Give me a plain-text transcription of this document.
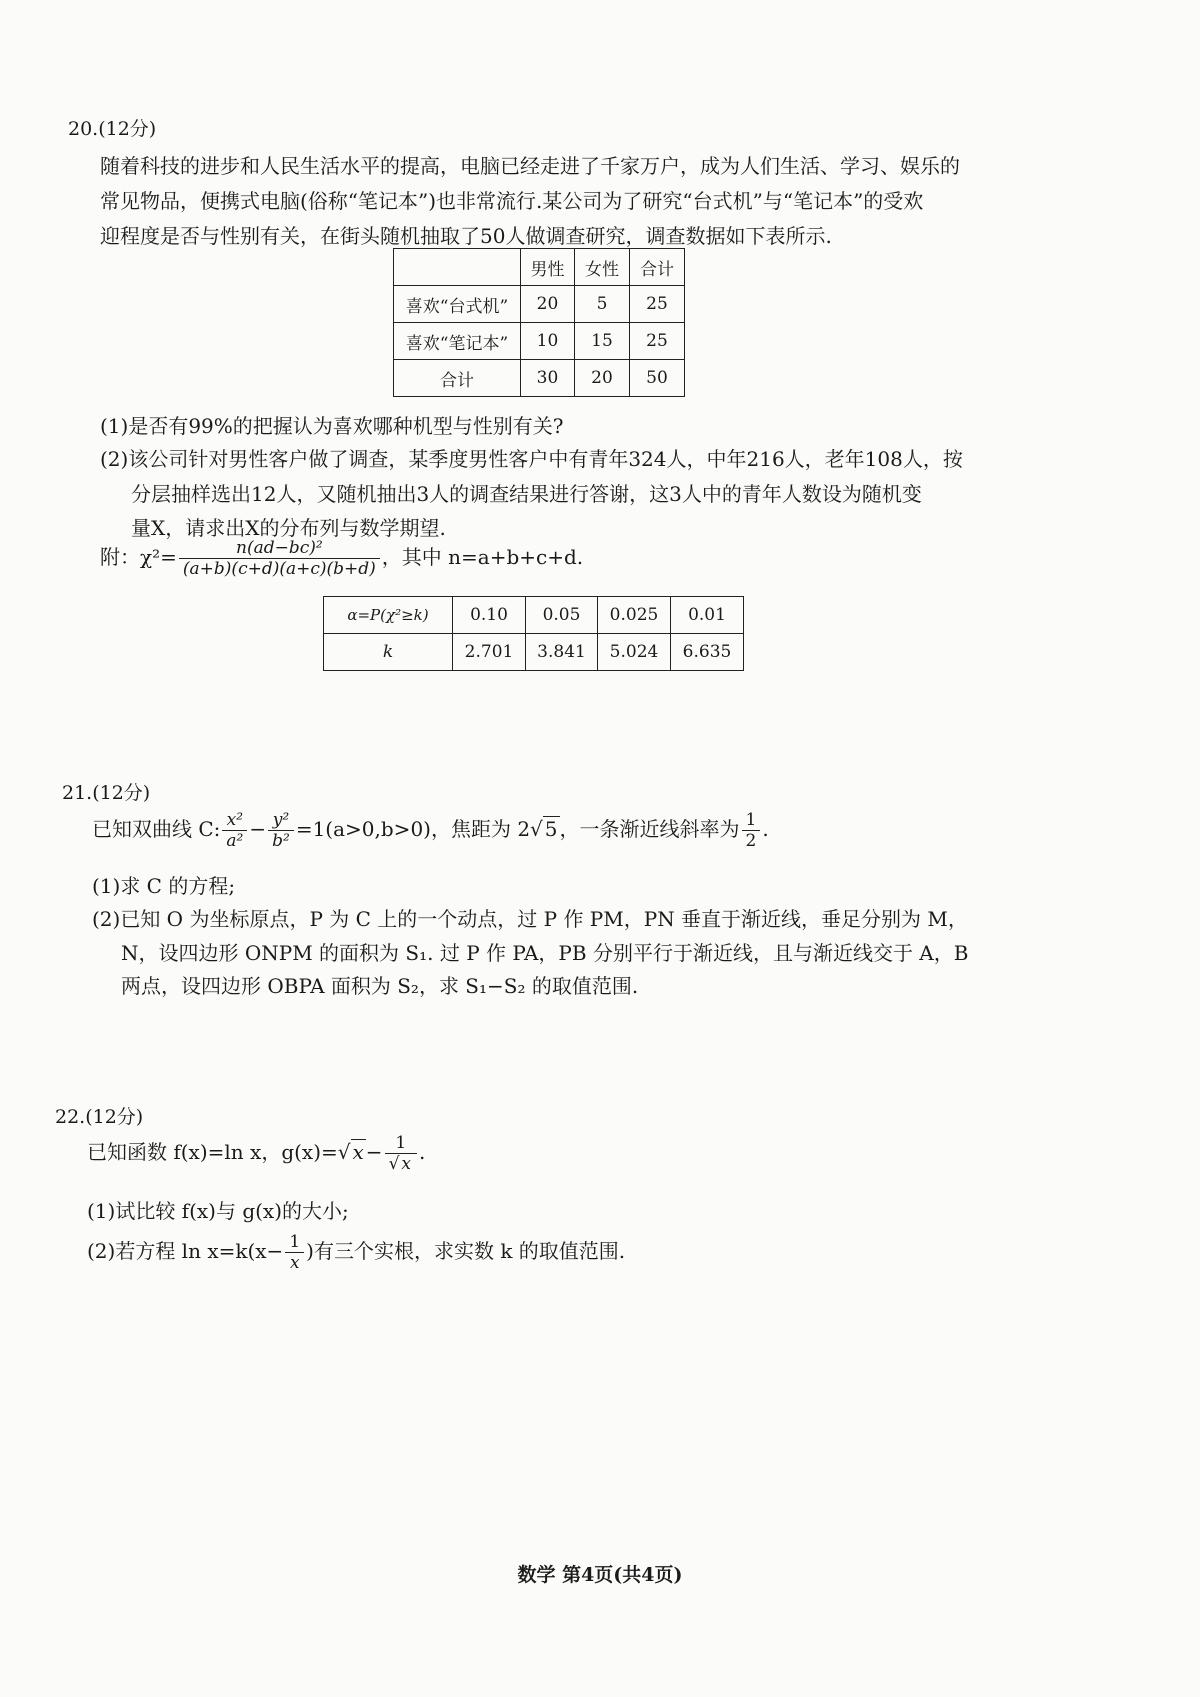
20.(12分)
随着科技的进步和人民生活水平的提高，电脑已经走进了千家万户，成为人们生活、学习、娱乐的
常见物品，便携式电脑(俗称“笔记本”)也非常流行.某公司为了研究“台式机”与“笔记本”的受欢
迎程度是否与性别有关，在街头随机抽取了50人做调查研究，调查数据如下表所示.
	男性	女性	合计
喜欢“台式机”	20	5	25
喜欢“笔记本”	10	15	25
合计	30	20	50
(1)是否有99%的把握认为喜欢哪种机型与性别有关?
(2)该公司针对男性客户做了调查，某季度男性客户中有青年324人，中年216人，老年108人，按
分层抽样选出12人，又随机抽出3人的调查结果进行答谢，这3人中的青年人数设为随机变
量X，请求出X的分布列与数学期望.
附：$\chi^2= \frac{\text{n(ad−bc)²}}{(a+b)(c+d)(a+c)(b+d)}$ ，其中 n=a+b+c+d.
α=P(χ²≥k)	0.10	0.05	0.025	0.01
k	2.701	3.841	5.024	6.635
21.(12分)
已知双曲线 C: $\frac{\text{x²}}{\text{a²}} - \frac{\text{y²}}{\text{b²}} =1(a>0,b>0)$，焦距为 2√ 5 ，一条渐近线斜率为 $\frac{1}{2}$ .
(1)求 C 的方程;
(2)已知 O 为坐标原点，P 为 C 上的一个动点，过 P 作 PM，PN 垂直于渐近线，垂足分别为 M，
N，设四边形 ONPM 的面积为 S₁. 过 P 作 PA，PB 分别平行于渐近线，且与渐近线交于 A，B
两点，设四边形 OBPA 面积为 S₂，求 S₁−S₂ 的取值范围.
22.(12分)
已知函数 f(x)=ln x，g(x)=√ $x - \frac{1}{√ x}$ .
(1)试比较 f(x)与 g(x)的大小;
(2)若方程 $\ln x=k(x- \frac{1}{x}$ )有三个实根，求实数 k 的取值范围.
数学 第4页(共4页)
